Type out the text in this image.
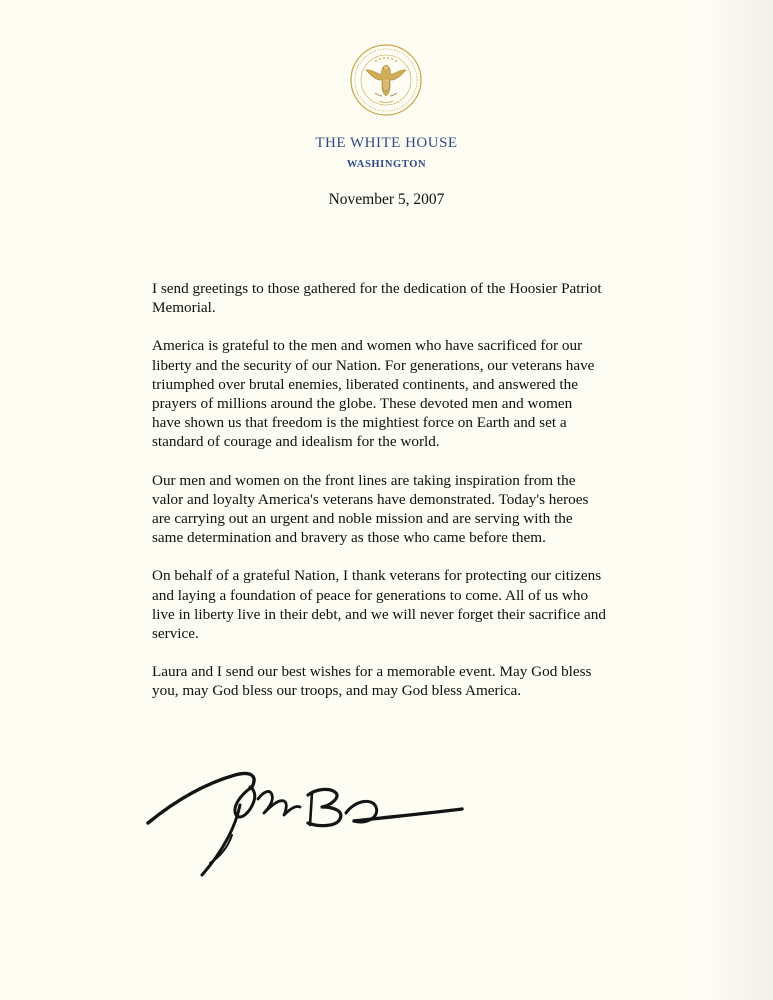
THE WHITE HOUSE
WASHINGTON
November 5, 2007

I send greetings to those gathered for the dedication of the Hoosier Patriot
Memorial.

America is grateful to the men and women who have sacrificed for our
liberty and the security of our Nation. For generations, our veterans have
triumphed over brutal enemies, liberated continents, and answered the
prayers of millions around the globe. These devoted men and women
have shown us that freedom is the mightiest force on Earth and set a
standard of courage and idealism for the world.

Our men and women on the front lines are taking inspiration from the
valor and loyalty America's veterans have demonstrated. Today's heroes
are carrying out an urgent and noble mission and are serving with the
same determination and bravery as those who came before them.

On behalf of a grateful Nation, I thank veterans for protecting our citizens
and laying a foundation of peace for generations to come. All of us who
live in liberty live in their debt, and we will never forget their sacrifice and
service.

Laura and I send our best wishes for a memorable event. May God bless
you, may God bless our troops, and may God bless America.
